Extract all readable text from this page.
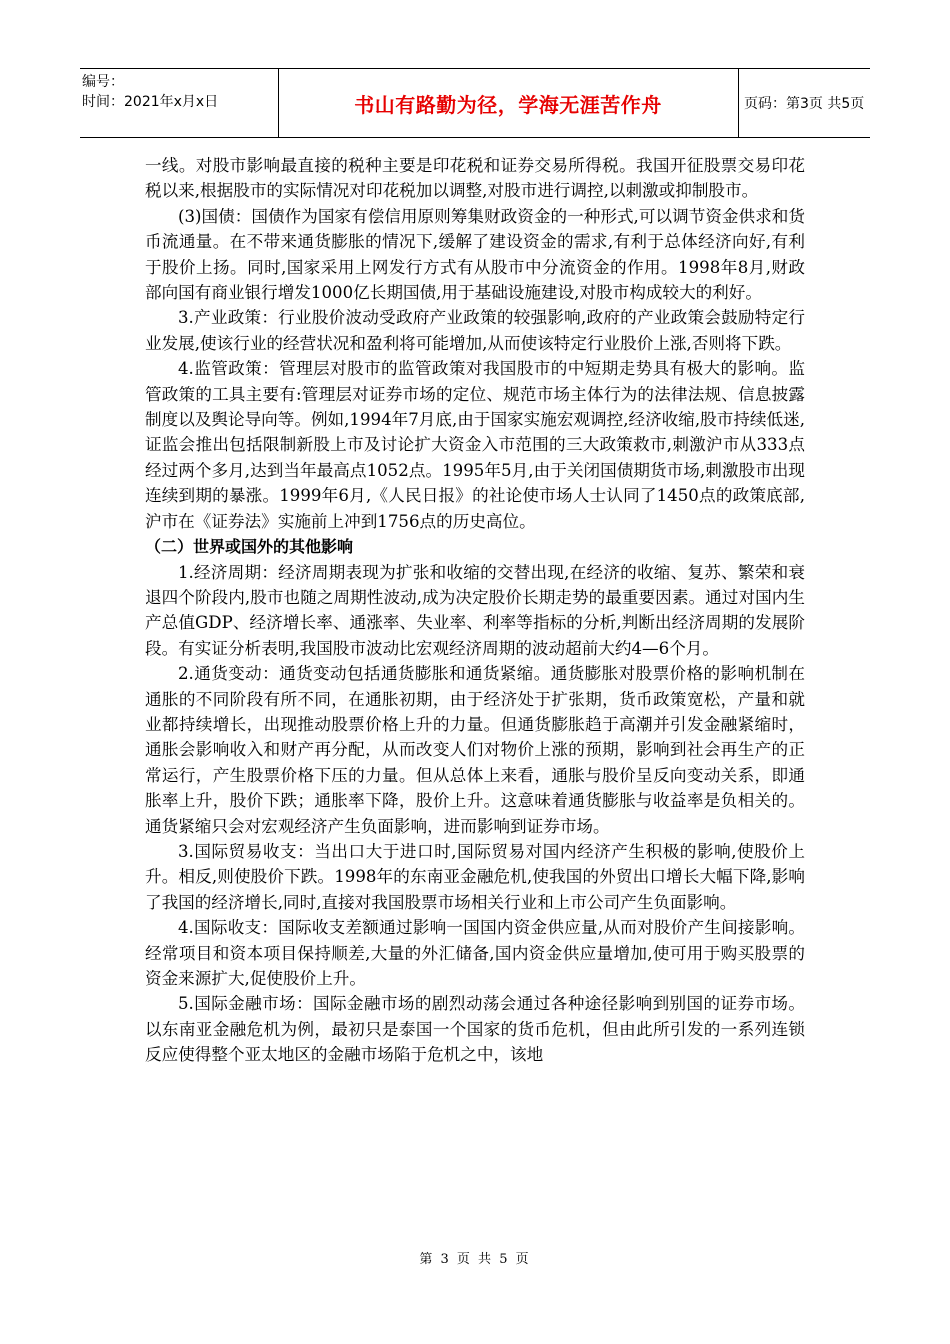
编号：
时间：2021年x月x日	书山有路勤为径，学海无涯苦作舟	页码：第3页 共5页

一线。对股市影响最直接的税种主要是印花税和证券交易所得税。我国开征股票交易印花税以来,根据股市的实际情况对印花税加以调整,对股市进行调控,以刺激或抑制股市。

(3)国债：国债作为国家有偿信用原则筹集财政资金的一种形式,可以调节资金供求和货币流通量。在不带来通货膨胀的情况下,缓解了建设资金的需求,有利于总体经济向好,有利于股价上扬。同时,国家采用上网发行方式有从股市中分流资金的作用。1998年8月,财政部向国有商业银行增发1000亿长期国债,用于基础设施建设,对股市构成较大的利好。

3.产业政策：行业股价波动受政府产业政策的较强影响,政府的产业政策会鼓励特定行业发展,使该行业的经营状况和盈利将可能增加,从而使该特定行业股价上涨,否则将下跌。

4.监管政策：管理层对股市的监管政策对我国股市的中短期走势具有极大的影响。监管政策的工具主要有:管理层对证券市场的定位、规范市场主体行为的法律法规、信息披露制度以及舆论导向等。例如,1994年7月底,由于国家实施宏观调控,经济收缩,股市持续低迷,证监会推出包括限制新股上市及讨论扩大资金入市范围的三大政策救市,刺激沪市从333点经过两个多月,达到当年最高点1052点。1995年5月,由于关闭国债期货市场,刺激股市出现连续到期的暴涨。1999年6月,《人民日报》的社论使市场人士认同了1450点的政策底部,沪市在《证券法》实施前上冲到1756点的历史高位。

（二）世界或国外的其他影响

1.经济周期：经济周期表现为扩张和收缩的交替出现,在经济的收缩、复苏、繁荣和衰退四个阶段内,股市也随之周期性波动,成为决定股价长期走势的最重要因素。通过对国内生产总值GDP、经济增长率、通涨率、失业率、利率等指标的分析,判断出经济周期的发展阶段。有实证分析表明,我国股市波动比宏观经济周期的波动超前大约4—6个月。

2.通货变动：通货变动包括通货膨胀和通货紧缩。通货膨胀对股票价格的影响机制在通胀的不同阶段有所不同，在通胀初期，由于经济处于扩张期，货币政策宽松，产量和就业都持续增长，出现推动股票价格上升的力量。但通货膨胀趋于高潮并引发金融紧缩时，通胀会影响收入和财产再分配，从而改变人们对物价上涨的预期，影响到社会再生产的正常运行，产生股票价格下压的力量。但从总体上来看，通胀与股价呈反向变动关系，即通胀率上升，股价下跌；通胀率下降，股价上升。这意味着通货膨胀与收益率是负相关的。通货紧缩只会对宏观经济产生负面影响，进而影响到证券市场。

3.国际贸易收支：当出口大于进口时,国际贸易对国内经济产生积极的影响,使股价上升。相反,则使股价下跌。1998年的东南亚金融危机,使我国的外贸出口增长大幅下降,影响了我国的经济增长,同时,直接对我国股票市场相关行业和上市公司产生负面影响。

4.国际收支：国际收支差额通过影响一国国内资金供应量,从而对股价产生间接影响。经常项目和资本项目保持顺差,大量的外汇储备,国内资金供应量增加,使可用于购买股票的资金来源扩大,促使股价上升。

5.国际金融市场：国际金融市场的剧烈动荡会通过各种途径影响到别国的证券市场。以东南亚金融危机为例，最初只是泰国一个国家的货币危机，但由此所引发的一系列连锁反应使得整个亚太地区的金融市场陷于危机之中，该地

第 3 页 共 5 页
